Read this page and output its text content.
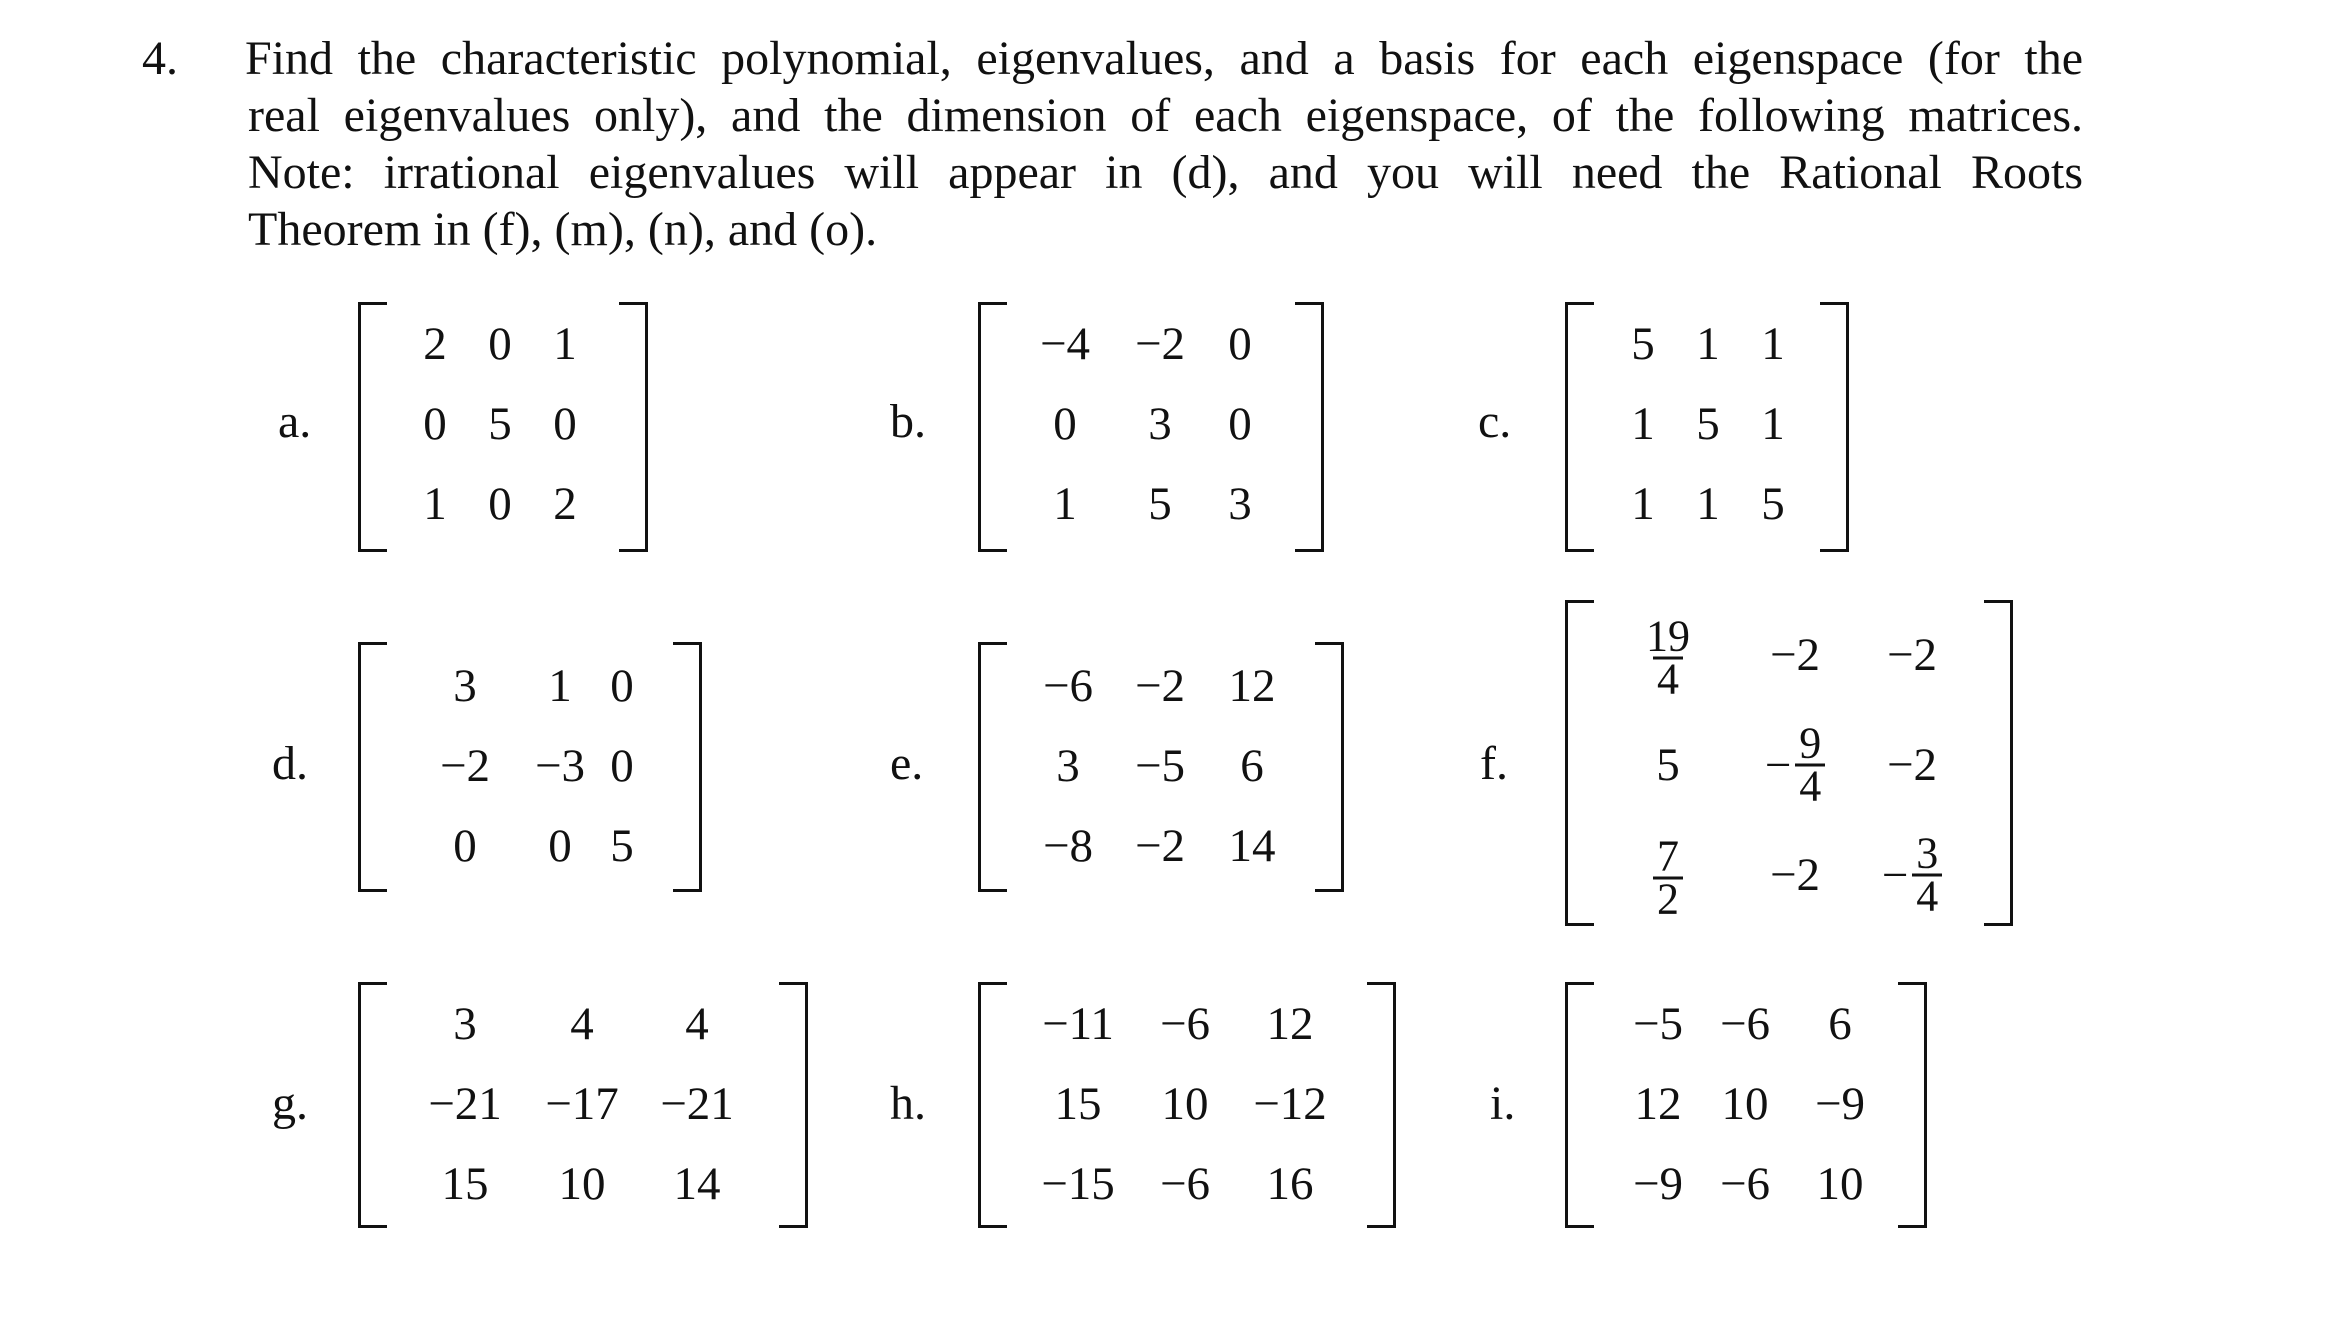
4. Find the characteristic polynomial, eigenvalues, and a basis for each eigenspace (for the
real eigenvalues only), and the dimension of each eigenspace, of the following matrices.
Note: irrational eigenvalues will appear in (d), and you will need the Rational Roots
Theorem in (f), (m), (n), and (o).
a.
2 0 1
0 5 0
1 0 2
b.
−4 −2 0
0	3	0
1	5	3
c.
5 1 1
1 5 1
1 1 5
d.
3	1 0
−2 −3 0
0	0 5
e.
−6 −2 12
3	−5	6
−8 −2 14
f.
$\frac{19}{4}$	−2	−2
5	− $\frac{9}{4}$	−2
$\frac{7}{2}$	−2	− $\frac{3}{4}$
g.
3	4	4
−21 −17 −21
15	10	14
h.
−11 −6	12
15	10 −12
−15 −6	16
i.
−5 −6	6
12 10 −9
−9 −6 10
